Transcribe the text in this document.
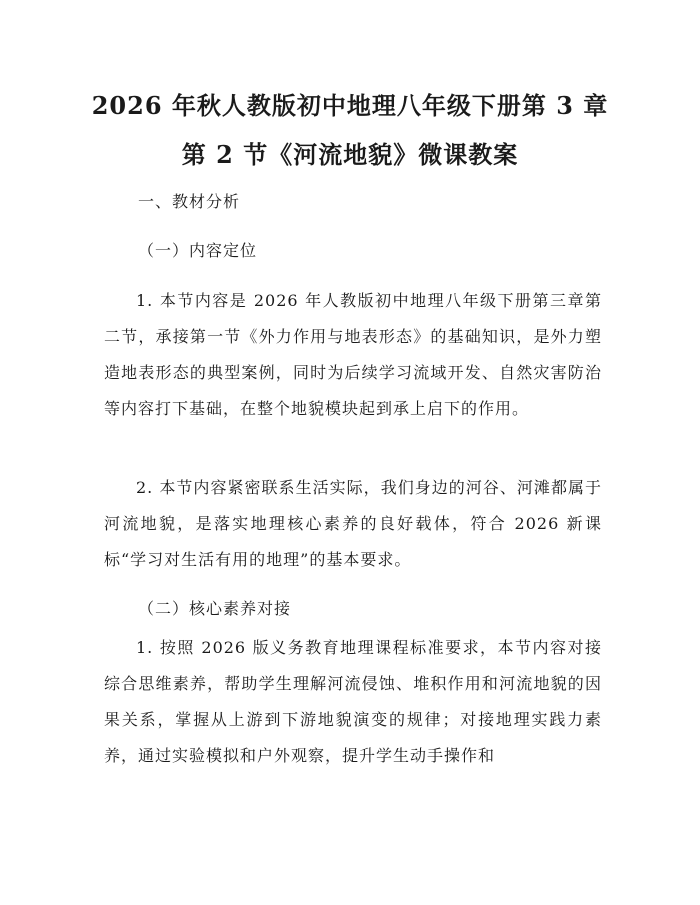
2026 年秋人教版初中地理八年级下册第 3 章
第 2 节《河流地貌》微课教案
一、教材分析
（一）内容定位
1. 本节内容是 2026 年人教版初中地理八年级下册第三章第二节，承接第一节《外力作用与地表形态》的基础知识，是外力塑造地表形态的典型案例，同时为后续学习流域开发、自然灾害防治等内容打下基础，在整个地貌模块起到承上启下的作用。
2. 本节内容紧密联系生活实际，我们身边的河谷、河滩都属于河流地貌，是落实地理核心素养的良好载体，符合 2026 新课标“学习对生活有用的地理”的基本要求。
（二）核心素养对接
1. 按照 2026 版义务教育地理课程标准要求，本节内容对接综合思维素养，帮助学生理解河流侵蚀、堆积作用和河流地貌的因果关系，掌握从上游到下游地貌演变的规律；对接地理实践力素养，通过实验模拟和户外观察，提升学生动手操作和
